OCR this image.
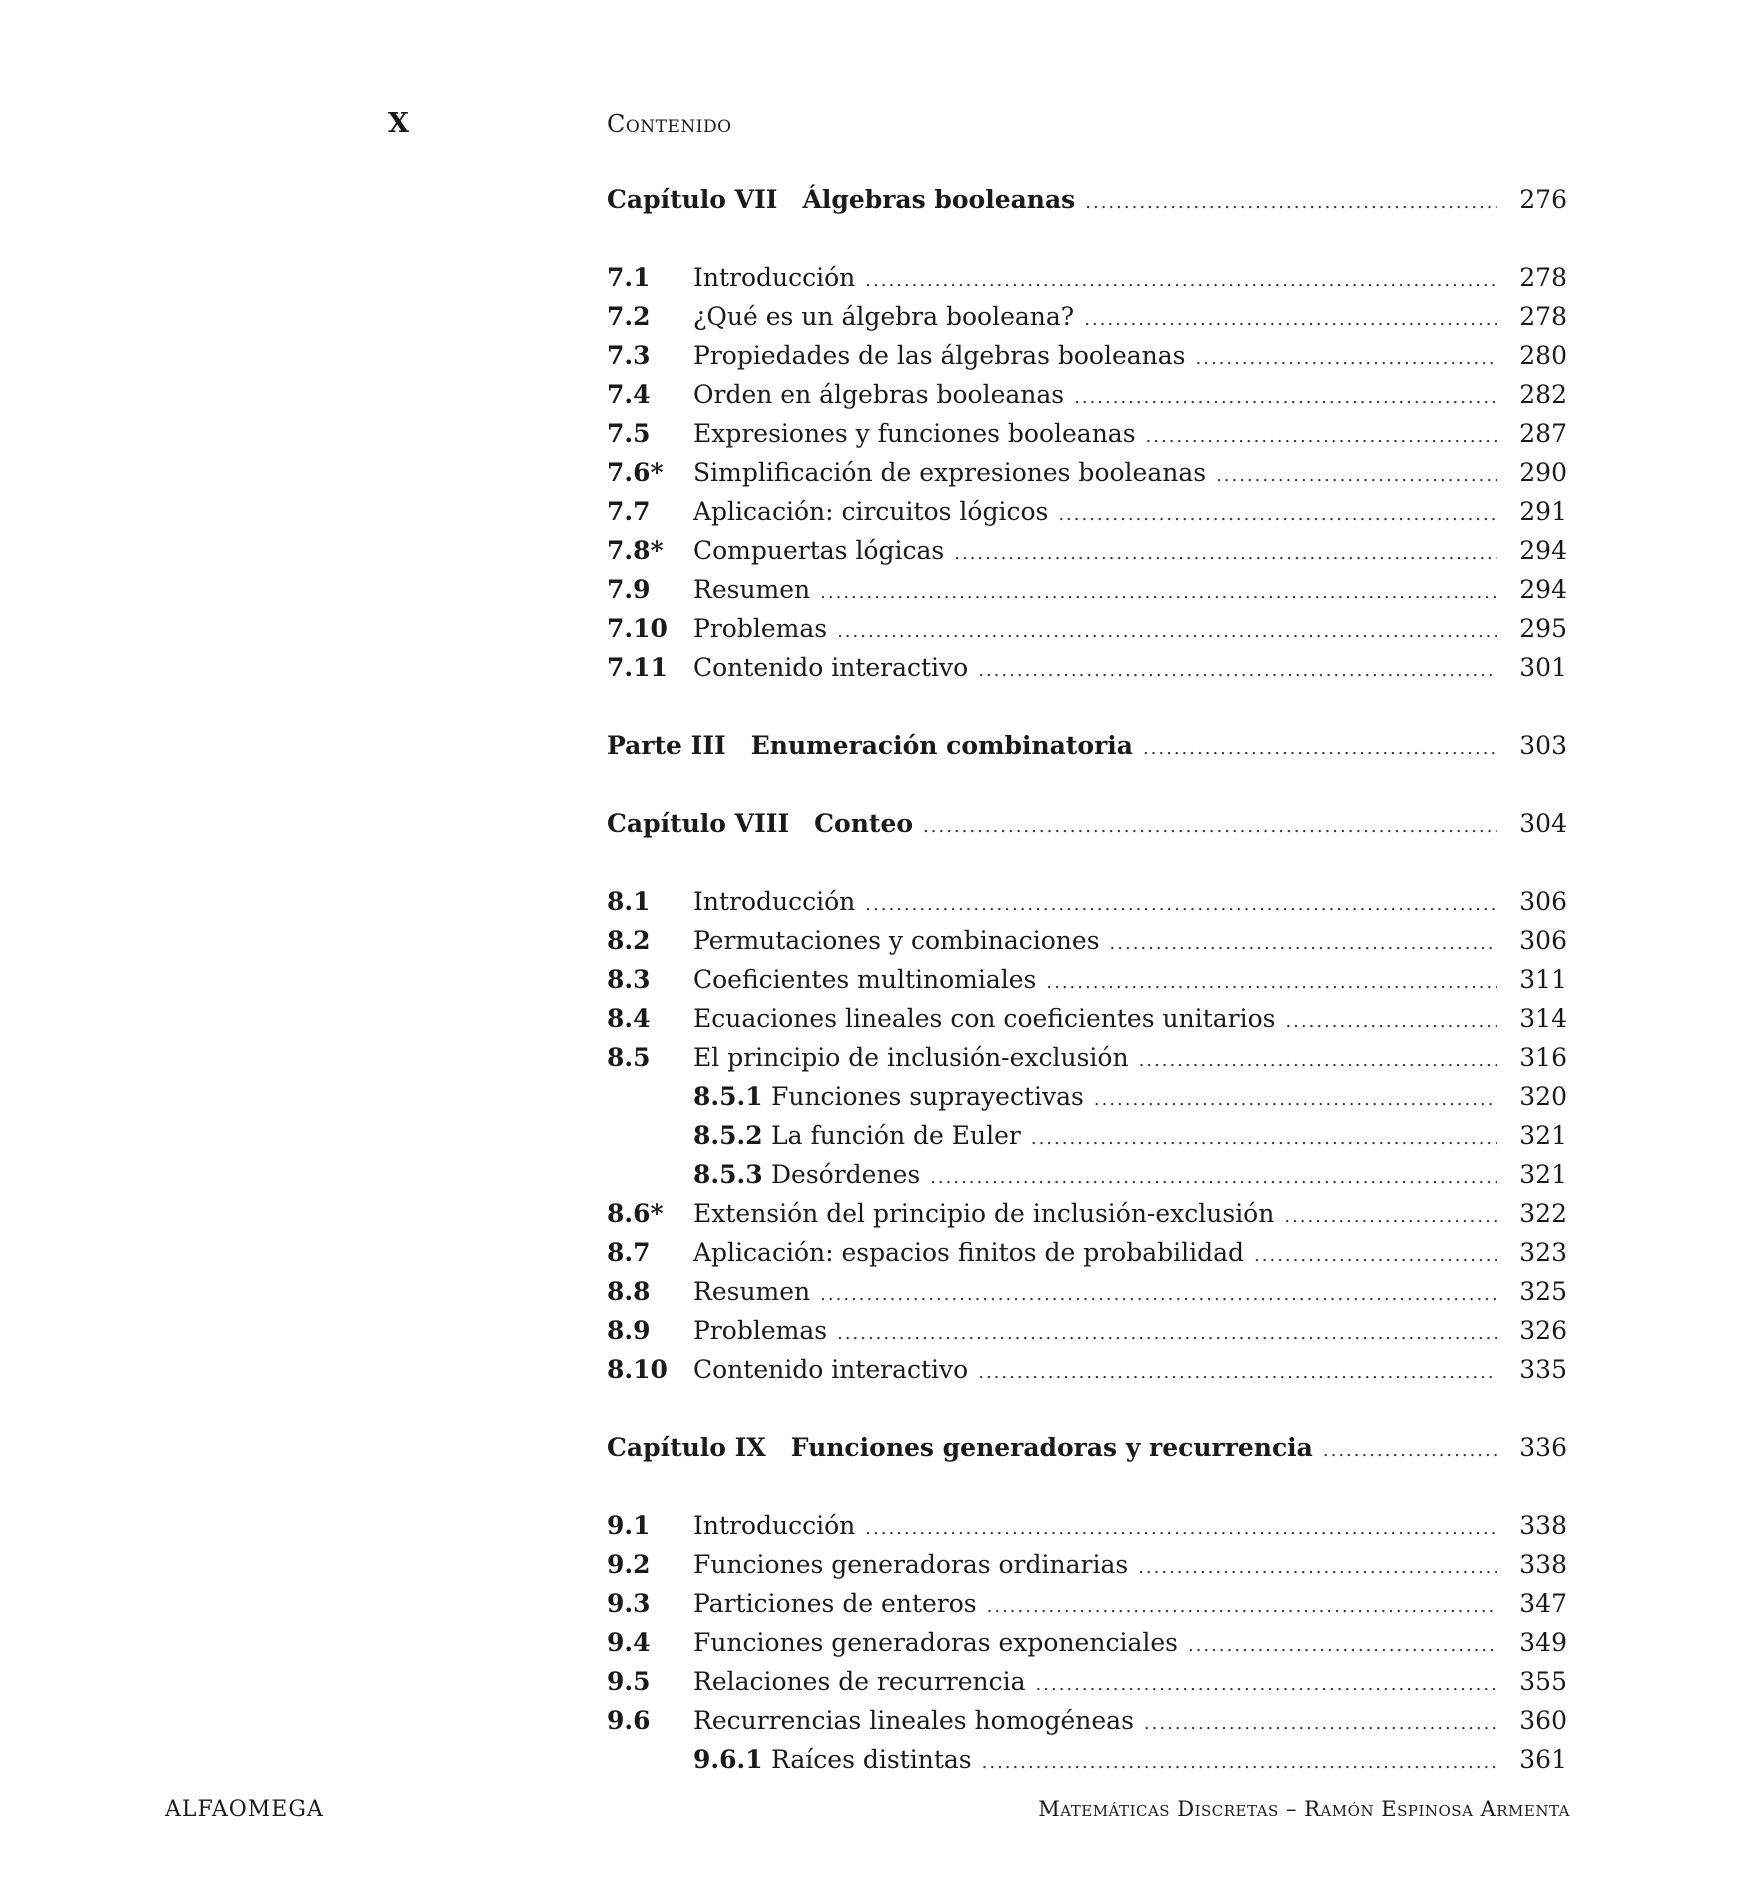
X	Contenido
Capítulo VII Álgebras booleanas .....	276
7.1	Introducción .....	278
7.2	¿Qué es un álgebra booleana? .....	278
7.3	Propiedades de las álgebras booleanas .....	280
7.4	Orden en álgebras booleanas .....	282
7.5	Expresiones y funciones booleanas .....	287
7.6*	Simplificación de expresiones booleanas .....	290
7.7	Aplicación: circuitos lógicos .....	291
7.8*	Compuertas lógicas .....	294
7.9	Resumen .....	294
7.10	Problemas .....	295
7.11	Contenido interactivo .....	301
Parte III Enumeración combinatoria .....	303
Capítulo VIII Conteo .....	304
8.1	Introducción .....	306
8.2	Permutaciones y combinaciones .....	306
8.3	Coeficientes multinomiales .....	311
8.4	Ecuaciones lineales con coeficientes unitarios .....	314
8.5	El principio de inclusión-exclusión .....	316
8.5.1 Funciones suprayectivas .....	320
8.5.2 La función de Euler .....	321
8.5.3 Desórdenes .....	321
8.6*	Extensión del principio de inclusión-exclusión .....	322
8.7	Aplicación: espacios finitos de probabilidad .....	323
8.8	Resumen .....	325
8.9	Problemas .....	326
8.10	Contenido interactivo .....	335
Capítulo IX Funciones generadoras y recurrencia .....	336
9.1	Introducción .....	338
9.2	Funciones generadoras ordinarias .....	338
9.3	Particiones de enteros .....	347
9.4	Funciones generadoras exponenciales .....	349
9.5	Relaciones de recurrencia .....	355
9.6	Recurrencias lineales homogéneas .....	360
9.6.1 Raíces distintas .....	361
ALFAOMEGA	Matemáticas Discretas – Ramón Espinosa Armenta
